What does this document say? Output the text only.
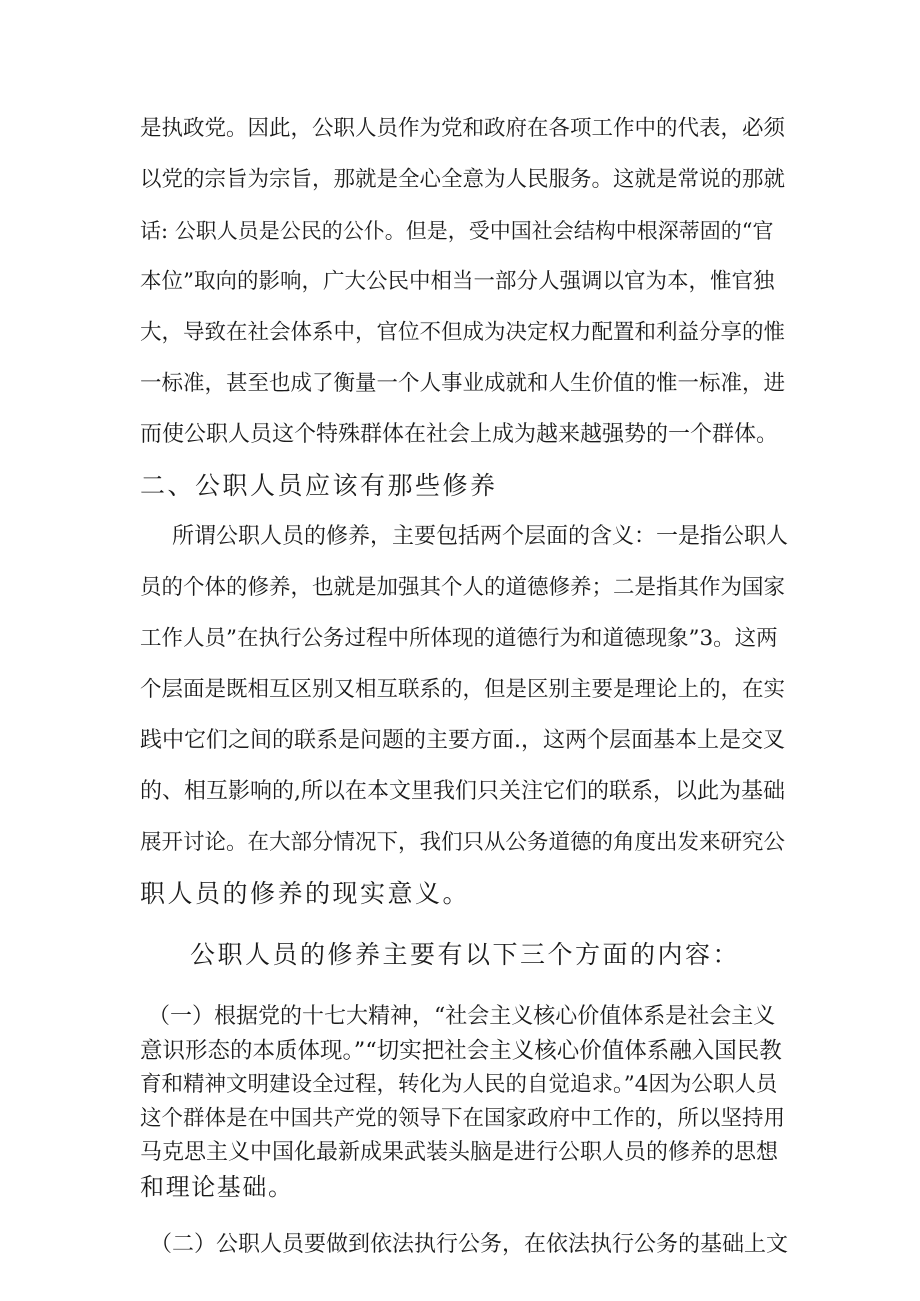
是执政党。因此，公职人员作为党和政府在各项工作中的代表，必须
以党的宗旨为宗旨，那就是全心全意为人民服务。这就是常说的那就
话: 公职人员是公民的公仆。但是，受中国社会结构中根深蒂固的“官
本位”取向的影响，广大公民中相当一部分人强调以官为本，惟官独
大，导致在社会体系中，官位不但成为决定权力配置和利益分享的惟
一标准，甚至也成了衡量一个人事业成就和人生价值的惟一标准，进
而使公职人员这个特殊群体在社会上成为越来越强势的一个群体。
二、公职人员应该有那些修养
所谓公职人员的修养，主要包括两个层面的含义：一是指公职人
员的个体的修养，也就是加强其个人的道德修养；二是指其作为国家
工作人员”在执行公务过程中所体现的道德行为和道德现象”3。这两
个层面是既相互区别又相互联系的，但是区别主要是理论上的，在实
践中它们之间的联系是问题的主要方面.，这两个层面基本上是交叉
的、相互影响的,所以在本文里我们只关注它们的联系，以此为基础
展开讨论。在大部分情况下，我们只从公务道德的角度出发来研究公
职人员的修养的现实意义。
公职人员的修养主要有以下三个方面的内容：
（一）根据党的十七大精神，“社会主义核心价值体系是社会主义
意识形态的本质体现。”“切实把社会主义核心价值体系融入国民教
育和精神文明建设全过程，转化为人民的自觉追求。”4因为公职人员
这个群体是在中国共产党的领导下在国家政府中工作的，所以坚持用
马克思主义中国化最新成果武装头脑是进行公职人员的修养的思想
和理论基础。
（二）公职人员要做到依法执行公务，在依法执行公务的基础上文
